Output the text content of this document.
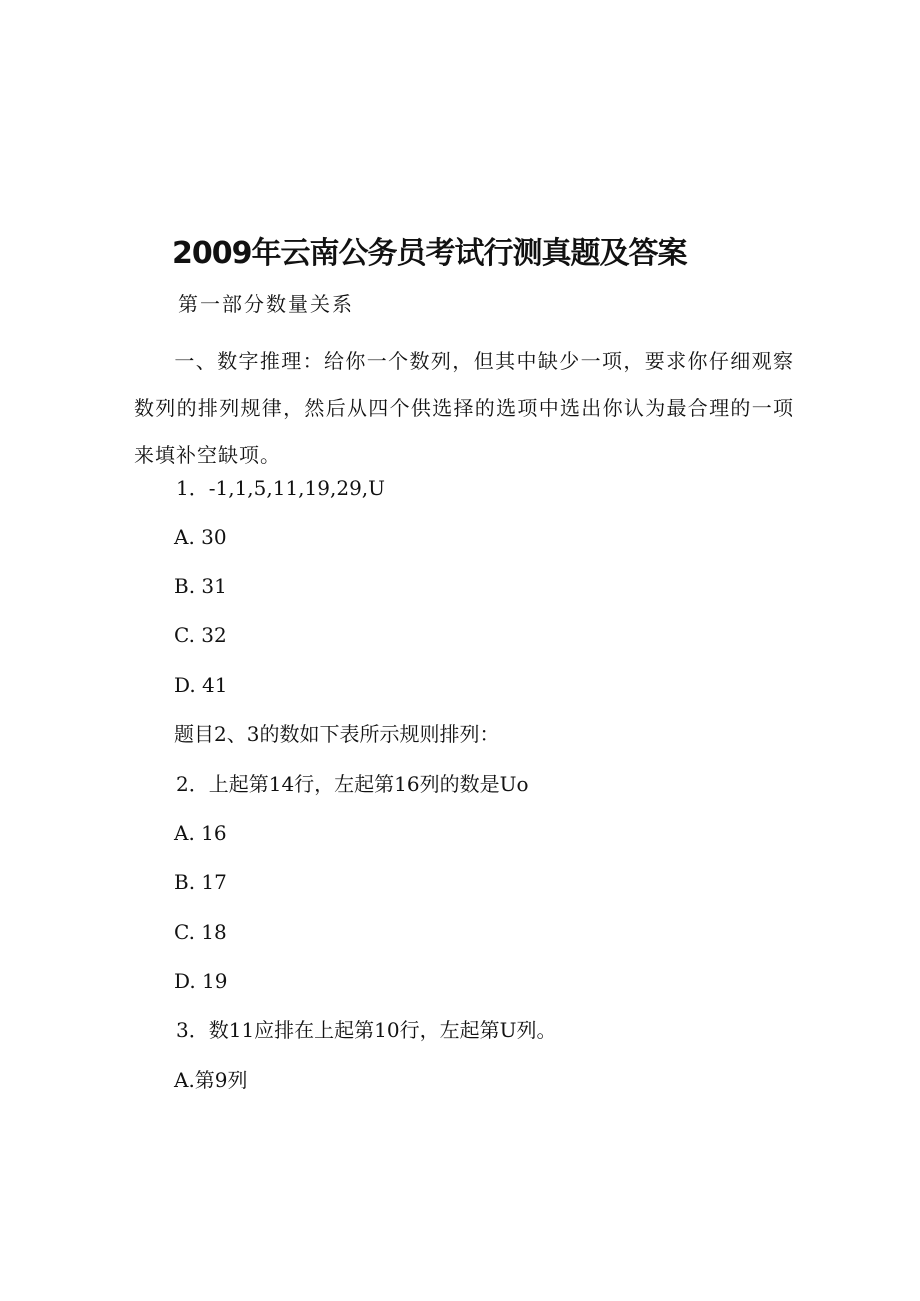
2009年云南公务员考试行测真题及答案

第一部分数量关系

一、数字推理：给你一个数列，但其中缺少一项，要求你仔细观察数列的排列规律，然后从四个供选择的选项中选出你认为最合理的一项来填补空缺项。

1．-1,1,5,11,19,29,U

A. 30

B. 31

C. 32

D. 41

题目2、3的数如下表所示规则排列：

2．上起第14行，左起第16列的数是Uo

A. 16

B. 17

C. 18

D. 19

3．数11应排在上起第10行，左起第U列。

A.第9列
